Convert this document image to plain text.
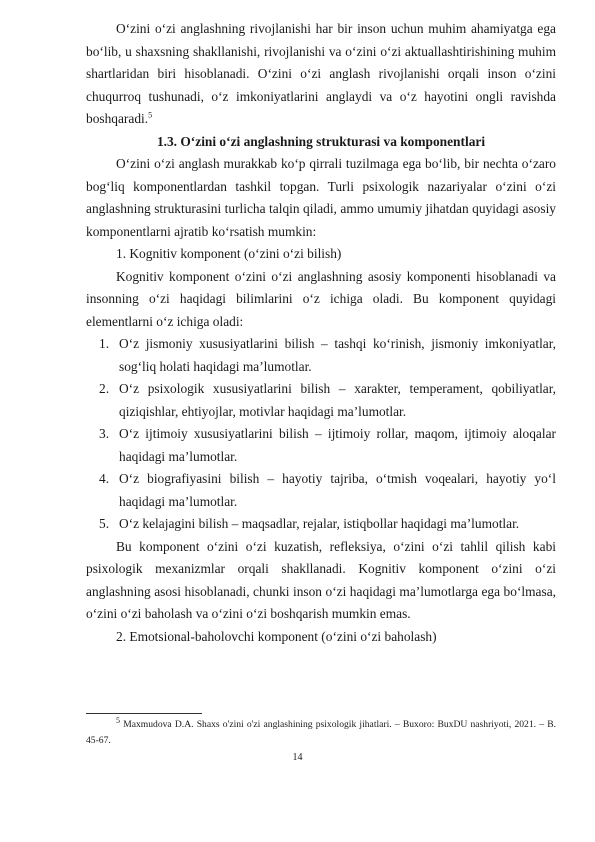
O‘zini o‘zi anglashning rivojlanishi har bir inson uchun muhim ahamiyatga ega bo‘lib, u shaxsning shakllanishi, rivojlanishi va o‘zini o‘zi aktuallashtirishining muhim shartlaridan biri hisoblanadi. O‘zini o‘zi anglash rivojlanishi orqali inson o‘zini chuqurroq tushunadi, o‘z imkoniyatlarini anglaydi va o‘z hayotini ongli ravishda boshqaradi.$^5$

1.3. O‘zini o‘zi anglashning strukturasi va komponentlari

O‘zini o‘zi anglash murakkab ko‘p qirrali tuzilmaga ega bo‘lib, bir nechta o‘zaro bog‘liq komponentlardan tashkil topgan. Turli psixologik nazariyalar o‘zini o‘zi anglashning strukturasini turlicha talqin qiladi, ammo umumiy jihatdan quyidagi asosiy komponentlarni ajratib ko‘rsatish mumkin:

1. Kognitiv komponent (o‘zini o‘zi bilish)

Kognitiv komponent o‘zini o‘zi anglashning asosiy komponenti hisoblanadi va insonning o‘zi haqidagi bilimlarini o‘z ichiga oladi. Bu komponent quyidagi elementlarni o‘z ichiga oladi:

1. O‘z jismoniy xususiyatlarini bilish – tashqi ko‘rinish, jismoniy imkoniyatlar, sog‘liq holati haqidagi ma’lumotlar.
2. O‘z psixologik xususiyatlarini bilish – xarakter, temperament, qobiliyatlar, qiziqishlar, ehtiyojlar, motivlar haqidagi ma’lumotlar.
3. O‘z ijtimoiy xususiyatlarini bilish – ijtimoiy rollar, maqom, ijtimoiy aloqalar haqidagi ma’lumotlar.
4. O‘z biografiyasini bilish – hayotiy tajriba, o‘tmish voqealari, hayotiy yo‘l haqidagi ma’lumotlar.
5. O‘z kelajagini bilish – maqsadlar, rejalar, istiqbollar haqidagi ma’lumotlar.

Bu komponent o‘zini o‘zi kuzatish, refleksiya, o‘zini o‘zi tahlil qilish kabi psixologik mexanizmlar orqali shakllanadi. Kognitiv komponent o‘zini o‘zi anglashning asosi hisoblanadi, chunki inson o‘zi haqidagi ma’lumotlarga ega bo‘lmasa, o‘zini o‘zi baholash va o‘zini o‘zi boshqarish mumkin emas.

2. Emotsional-baholovchi komponent (o‘zini o‘zi baholash)

$^5$ Maxmudova D.A. Shaxs o'zini o'zi anglashining psixologik jihatlari. – Buxoro: BuxDU nashriyoti, 2021. – B. 45-67.
14
